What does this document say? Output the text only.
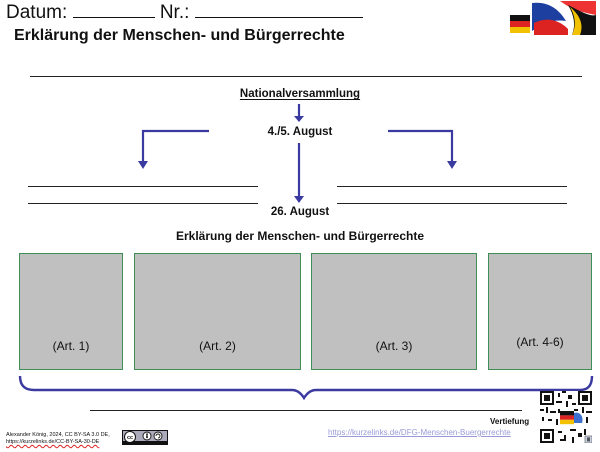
Datum:	Nr.:
Erklärung der Menschen- und Bürgerrechte
Nationalversammlung
4./5. August
26. August
Erklärung der Menschen- und Bürgerrechte
(Art. 1)	(Art. 2)	(Art. 3)	(Art. 4-6)
Alexander König, 2024, CC BY-SA 3.0 DE,
https://kurzelinks.de/CC-BY-SA-30-DE
cc
Vertiefung
https://kurzelinks.de/DFG-Menschen-Buergerrechte
